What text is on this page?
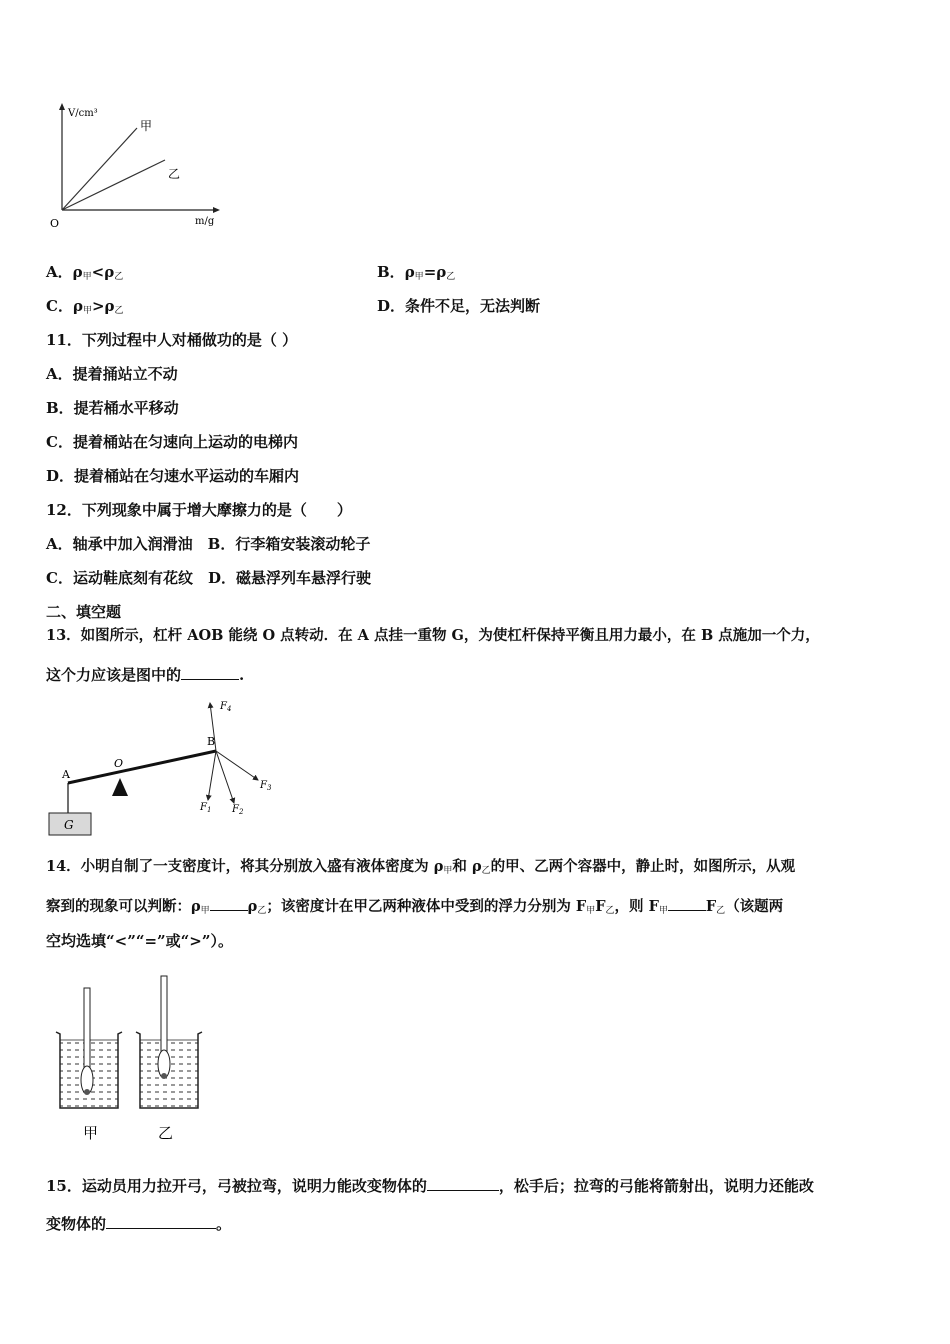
V/cm³
m/g
O
甲
乙
A．$\rho_甲<\rho_乙$	B．$\rho_甲=\rho_乙$
C．$\rho_甲>\rho_乙$	D．条件不足，无法判断
11．下列过程中人对桶做功的是（ ）
A．提着捅站立不动
B．提若桶水平移动
C．提着桶站在匀速向上运动的电梯内
D．提着桶站在匀速水平运动的车厢内
12．下列现象中属于增大摩擦力的是（　　）
A．轴承中加入润滑油　B．行李箱安装滚动轮子
C．运动鞋底刻有花纹　D．磁悬浮列车悬浮行驶
二、填空题
13．如图所示，杠杆 AOB 能绕 O 点转动．在 A 点挂一重物 G，为使杠杆保持平衡且用力最小，在 B 点施加一个力，
这个力应该是图中的	.
G
A
O
B
$F_4$
$F_1$ $F_2$
$F_3$
14．小明自制了一支密度计，将其分别放入盛有液体密度为 $\rho_甲$和 $\rho_乙$的甲、乙两个容器中，静止时，如图所示，从观
察到的现象可以判断：$\rho_甲$	$\rho_乙$；该密度计在甲乙两种液体中受到的浮力分别为 $F_甲F_乙$，则 $F_甲$	$F_乙$（该题两
空均选填“<”“=”或“>”）。
甲	乙
15．运动员用力拉开弓，弓被拉弯，说明力能改变物体的	，松手后；拉弯的弓能将箭射出，说明力还能改
变物体的	。
